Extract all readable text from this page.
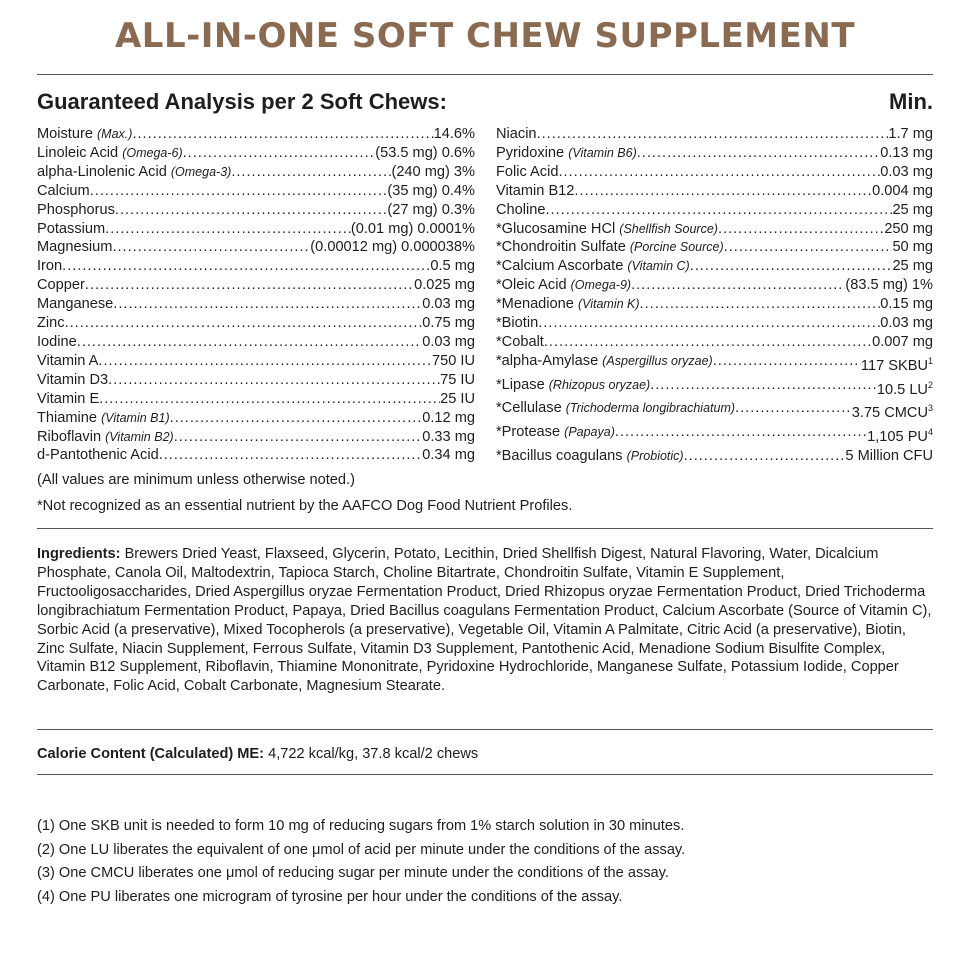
ALL-IN-ONE SOFT CHEW SUPPLEMENT
Guaranteed Analysis per 2 Soft Chews:	Min.
Moisture (Max.) .....	14.6%
Linoleic Acid (Omega-6) .....	(53.5 mg) 0.6%
alpha-Linolenic Acid (Omega-3) .....	(240 mg) 3%
Calcium .....	(35 mg) 0.4%
Phosphorus .....	(27 mg) 0.3%
Potassium .....	(0.01 mg) 0.0001%
Magnesium .....	(0.00012 mg) 0.000038%
Iron .....	0.5 mg
Copper .....	0.025 mg
Manganese .....	0.03 mg
Zinc .....	0.75 mg
Iodine .....	0.03 mg
Vitamin A .....	750 IU
Vitamin D3 .....	75 IU
Vitamin E .....	25 IU
Thiamine (Vitamin B1) .....	0.12 mg
Riboflavin (Vitamin B2) .....	0.33 mg
d-Pantothenic Acid .....	0.34 mg
Niacin .....	1.7 mg
Pyridoxine (Vitamin B6) .....	0.13 mg
Folic Acid .....	0.03 mg
Vitamin B12 .....	0.004 mg
Choline .....	25 mg
*Glucosamine HCl (Shellfish Source) .....	250 mg
*Chondroitin Sulfate (Porcine Source) .....	50 mg
*Calcium Ascorbate (Vitamin C) .....	25 mg
*Oleic Acid (Omega-9) .....	(83.5 mg) 1%
*Menadione (Vitamin K) .....	0.15 mg
*Biotin .....	0.03 mg
*Cobalt .....	0.007 mg
*alpha-Amylase (Aspergillus oryzae) .....	117 SKBU$^1$
*Lipase (Rhizopus oryzae) .....	10.5 $LU^2$
*Cellulase (Trichoderma longibrachiatum) .....	3.75 CMCU$^3$
*Protease (Papaya) .....	1,105 $PU^4$
*Bacillus coagulans (Probiotic) .....	5 Million CFU
(All values are minimum unless otherwise noted.)
*Not recognized as an essential nutrient by the AAFCO Dog Food Nutrient Profiles.
Ingredients: Brewers Dried Yeast, Flaxseed, Glycerin, Potato, Lecithin, Dried Shellfish Digest, Natural Flavoring, Water, Dicalcium Phosphate, Canola Oil, Maltodextrin, Tapioca Starch, Choline Bitartrate, Chondroitin Sulfate, Vitamin E Supplement, Fructooligosaccharides, Dried Aspergillus oryzae Fermentation Product, Dried Rhizopus oryzae Fermentation Product, Dried Trichoderma longibrachiatum Fermentation Product, Papaya, Dried Bacillus coagulans Fermentation Product, Calcium Ascorbate (Source of Vitamin C), Sorbic Acid (a preservative), Mixed Tocopherols (a preservative), Vegetable Oil, Vitamin A Palmitate, Citric Acid (a preservative), Biotin, Zinc Sulfate, Niacin Supplement, Ferrous Sulfate, Vitamin D3 Supplement, Pantothenic Acid, Menadione Sodium Bisulfite Complex, Vitamin B12 Supplement, Riboflavin, Thiamine Mononitrate, Pyridoxine Hydrochloride, Manganese Sulfate, Potassium Iodide, Copper Carbonate, Folic Acid, Cobalt Carbonate, Magnesium Stearate.
Calorie Content (Calculated) ME: 4,722 kcal/kg, 37.8 kcal/2 chews
(1) One SKB unit is needed to form 10 mg of reducing sugars from 1% starch solution in 30 minutes.
(2) One LU liberates the equivalent of one μmol of acid per minute under the conditions of the assay.
(3) One CMCU liberates one μmol of reducing sugar per minute under the conditions of the assay.
(4) One PU liberates one microgram of tyrosine per hour under the conditions of the assay.
